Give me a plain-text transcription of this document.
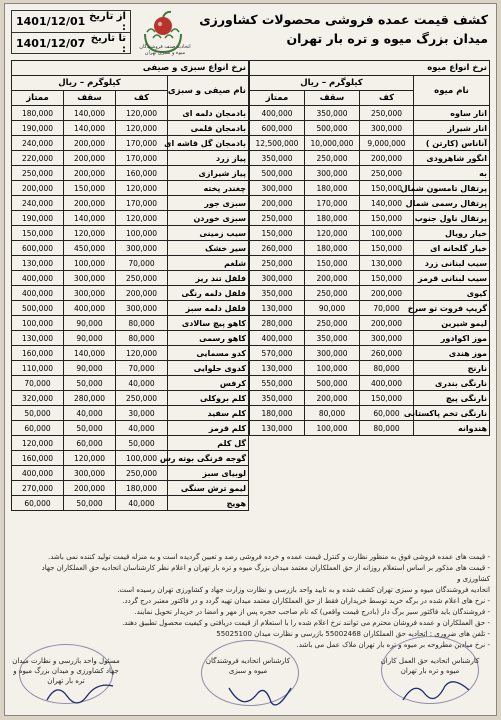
از تاریخ :
1401/12/01
تا تاریخ :
1401/12/07	اتحادیه صنف فروشندگان میوه و سبزی تهران
کشف قیمت عمده فروشی محصولات کشاورزی
میدان بزرگ میوه و تره بار تهران
نرخ انواع میوه			
نام میوه	کیلوگرم – ریال		
	کف	سقف	ممتاز
انار ساوه	250,000	350,000	400,000
انار شیراز	300,000	500,000	600,000
آناناس (کارتن )	9,000,000	10,000,000	12,500,000
انگور شاهرودی	200,000	250,000	350,000
به	250,000	300,000	500,000
پرتقال تامسون شمال	150,000	180,000	300,000
پرتقال رسمی شمال	140,000	170,000	200,000
پرتقال ناول جنوب	150,000	180,000	250,000
خیار رویال	100,000	120,000	150,000
خیار گلخانه ای	150,000	180,000	260,000
سیب لبنانی زرد	130,000	150,000	250,000
سیب لبنانی قرمز	150,000	200,000	300,000
کیوی	200,000	250,000	350,000
گریپ فروت تو سرخ	70,000	90,000	130,000
لیمو شیرین	200,000	250,000	280,000
موز اکوادور	300,000	350,000	400,000
موز هندی	260,000	300,000	570,000
نارنج	80,000	100,000	130,000
نارنگی بندری	400,000	500,000	550,000
نارنگی پیچ	150,000	200,000	350,000
نارنگی تخم پاکستانی	60,000	80,000	180,000
هندوانه	80,000	100,000	130,000
نرخ انواع سبزی و صیفی			
نام صیفی و سبزی	کیلوگرم – ریال		
	کف	سقف	ممتاز
بادمجان دلمه ای	120,000	140,000	180,000
بادمجان قلمی	120,000	140,000	190,000
بادمجان گل قاشه ای	170,000	200,000	240,000
پیاز زرد	170,000	200,000	220,000
پیاز شیرازی	160,000	200,000	250,000
چغندر پخته	120,000	150,000	200,000
سبزی جور	170,000	200,000	240,000
سبزی خوردن	120,000	140,000	190,000
سیب زمینی	100,000	120,000	150,000
سیر خشک	300,000	450,000	600,000
شلغم	70,000	100,000	130,000
فلفل تند ریز	250,000	300,000	400,000
فلفل دلمه رنگی	200,000	300,000	400,000
فلفل دلمه سبز	300,000	400,000	500,000
کاهو پیچ سالادی	80,000	90,000	100,000
کاهو رسمی	80,000	90,000	130,000
کدو مسمایی	120,000	140,000	160,000
کدوی حلوایی	70,000	90,000	110,000
کرفس	40,000	50,000	70,000
کلم بروکلی	250,000	280,000	320,000
کلم سفید	30,000	40,000	50,000
کلم قرمز	40,000	50,000	60,000
گل کلم	50,000	60,000	120,000
گوجه فرنگی بوته رس	100,000	120,000	160,000
لوبیای سبز	250,000	300,000	400,000
لیمو ترش سنگی	180,000	200,000	270,000
هویج	40,000	50,000	60,000
- قیمت های عمده فروشی فوق به منظور نظارت و کنترل قیمت عمده و خرده فروشی رصد و تعیین گردیده است و به منزله قیمت تولید کننده نمی باشد.
- قیمت های مذکور بر اساس استعلام روزانه از حق العملکاران معتمد میدان بزرگ میوه و تره بار تهران و اعلام نظر کارشناسان اتحادیه حق العملکاران جهاد کشاورزی و
اتحادیه فروشندگان میوه و سبزی تهران کشف شده و به تایید واحد بازرسی و نظارت وزارت جهاد و کشاورزی تهران رسیده است.
- نرخ های اعلام شده در برگه خرید توسط خریداران فقط از حق العملکاران معتمد میدان تهیه گردد و در فاکتور معتبر درج گردد.
- فروشندگان باید فاکتور سیر برگ دار (بادرج قیمت واقعی) که نام صاحب حجره پس از مهر و امضا در خریدار تحویل نمایند.
- حق العملکاران و عمده فروشان محترم می توانند نرخ اعلام شده را با استعلام از قیمت دریافتی و کیفیت محصول تطبیق دهند.
- تلفن های ضروری : اتحادیه حق العملکاران 55002468 بازرسی و نظارت میدان 55025100
- نرخ میادین مطروحه بر میوه و تره بار تهران ملاک عمل می باشد.
مسئول واحد بازرسی و نظارت میدان
جهاد کشاورزی و میدان بزرگ میوه و تره بار تهران
کارشناس اتحادیه فروشندگان
میوه و سبزی
کارشناس اتحادیه حق العمل کاران
میوه و تره بار تهران
